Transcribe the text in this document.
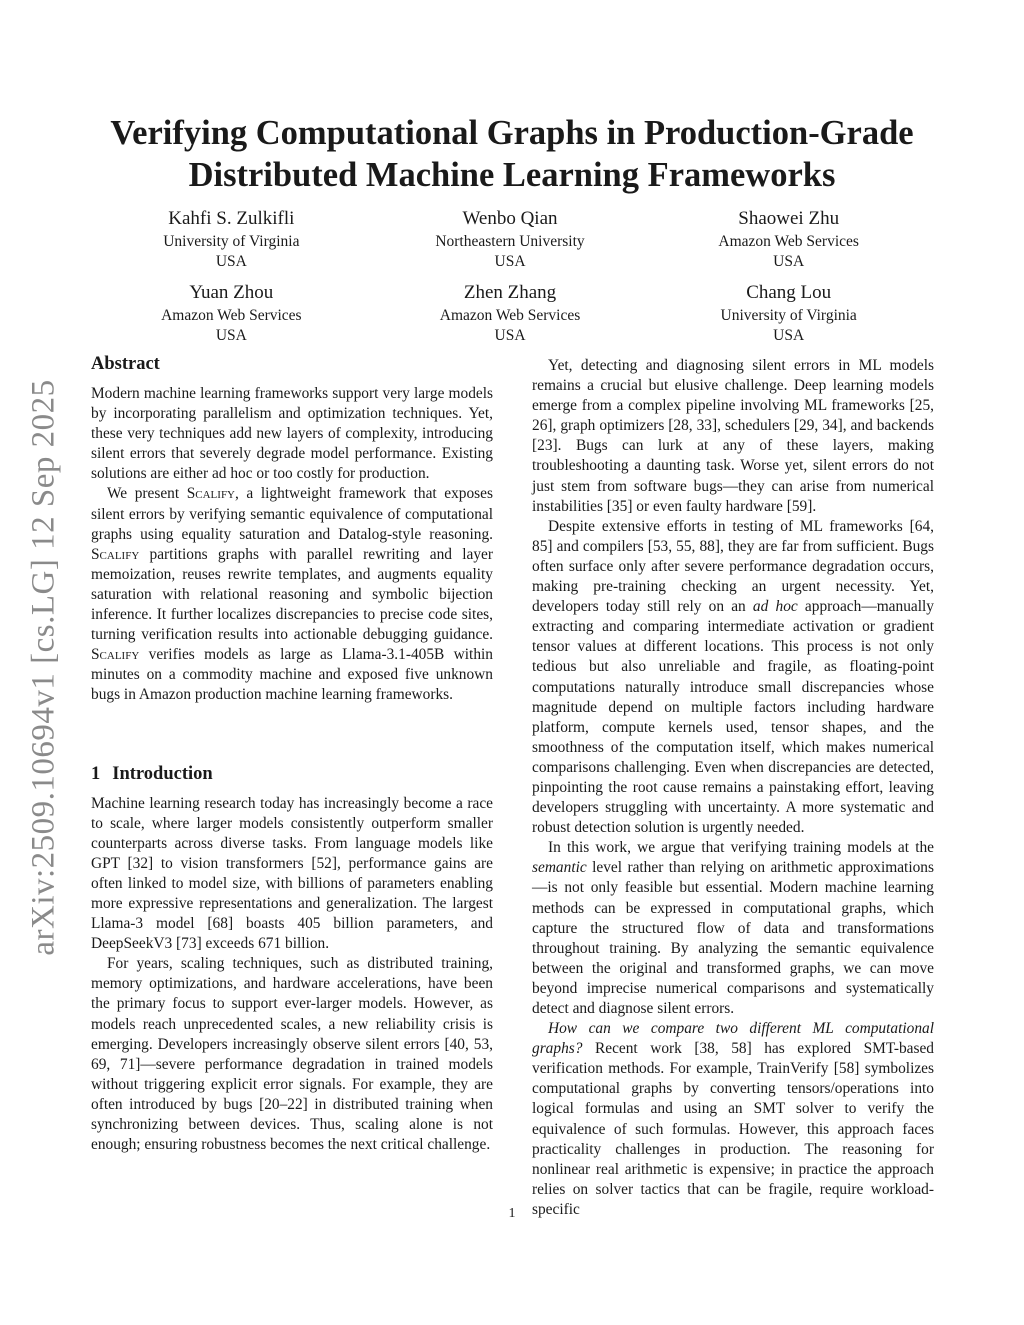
arXiv:2509.10694v1 [cs.LG] 12 Sep 2025
Verifying Computational Graphs in Production-Grade Distributed Machine Learning Frameworks
Kahfi S. Zulkifli
University of Virginia
USA
Wenbo Qian
Northeastern University
USA
Shaowei Zhu
Amazon Web Services
USA
Yuan Zhou
Amazon Web Services
USA
Zhen Zhang
Amazon Web Services
USA
Chang Lou
University of Virginia
USA
Abstract

Modern machine learning frameworks support very large models by incorporating parallelism and optimization techniques. Yet, these very techniques add new layers of complexity, introducing silent errors that severely degrade model performance. Existing solutions are either ad hoc or too costly for production.

We present Scalify, a lightweight framework that exposes silent errors by verifying semantic equivalence of computational graphs using equality saturation and Datalog-style reasoning. Scalify partitions graphs with parallel rewriting and layer memoization, reuses rewrite templates, and augments equality saturation with relational reasoning and symbolic bijection inference. It further localizes discrepancies to precise code sites, turning verification results into actionable debugging guidance. Scalify verifies models as large as Llama-3.1-405B within minutes on a commodity machine and exposed five unknown bugs in Amazon production machine learning frameworks.

1 Introduction

Machine learning research today has increasingly become a race to scale, where larger models consistently outperform smaller counterparts across diverse tasks. From language models like GPT [32] to vision transformers [52], performance gains are often linked to model size, with billions of parameters enabling more expressive representations and generalization. The largest Llama-3 model [68] boasts 405 billion parameters, and DeepSeekV3 [73] exceeds 671 billion.

For years, scaling techniques, such as distributed training, memory optimizations, and hardware accelerations, have been the primary focus to support ever-larger models. However, as models reach unprecedented scales, a new reliability crisis is emerging. Developers increasingly observe silent errors [40, 53, 69, 71]—severe performance degradation in trained models without triggering explicit error signals. For example, they are often introduced by bugs [20–22] in distributed training when synchronizing between devices. Thus, scaling alone is not enough; ensuring robustness becomes the next critical challenge.

Yet, detecting and diagnosing silent errors in ML models remains a crucial but elusive challenge. Deep learning models emerge from a complex pipeline involving ML frameworks [25, 26], graph optimizers [28, 33], schedulers [29, 34], and backends [23]. Bugs can lurk at any of these layers, making troubleshooting a daunting task. Worse yet, silent errors do not just stem from software bugs—they can arise from numerical instabilities [35] or even faulty hardware [59].

Despite extensive efforts in testing of ML frameworks [64, 85] and compilers [53, 55, 88], they are far from sufficient. Bugs often surface only after severe performance degradation occurs, making pre-training checking an urgent necessity. Yet, developers today still rely on an ad hoc approach—manually extracting and comparing intermediate activation or gradient tensor values at different locations. This process is not only tedious but also unreliable and fragile, as floating-point computations naturally introduce small discrepancies whose magnitude depend on multiple factors including hardware platform, compute kernels used, tensor shapes, and the smoothness of the computation itself, which makes numerical comparisons challenging. Even when discrepancies are detected, pinpointing the root cause remains a painstaking effort, leaving developers struggling with uncertainty. A more systematic and robust detection solution is urgently needed.

In this work, we argue that verifying training models at the semantic level rather than relying on arithmetic approximations—is not only feasible but essential. Modern machine learning methods can be expressed in computational graphs, which capture the structured flow of data and transformations throughout training. By analyzing the semantic equivalence between the original and transformed graphs, we can move beyond imprecise numerical comparisons and systematically detect and diagnose silent errors.

How can we compare two different ML computational graphs? Recent work [38, 58] has explored SMT-based verification methods. For example, TrainVerify [58] symbolizes computational graphs by converting tensors/operations into logical formulas and using an SMT solver to verify the equivalence of such formulas. However, this approach faces practicality challenges in production. The reasoning for nonlinear real arithmetic is expensive; in practice the approach relies on solver tactics that can be fragile, require workload-specific

1
